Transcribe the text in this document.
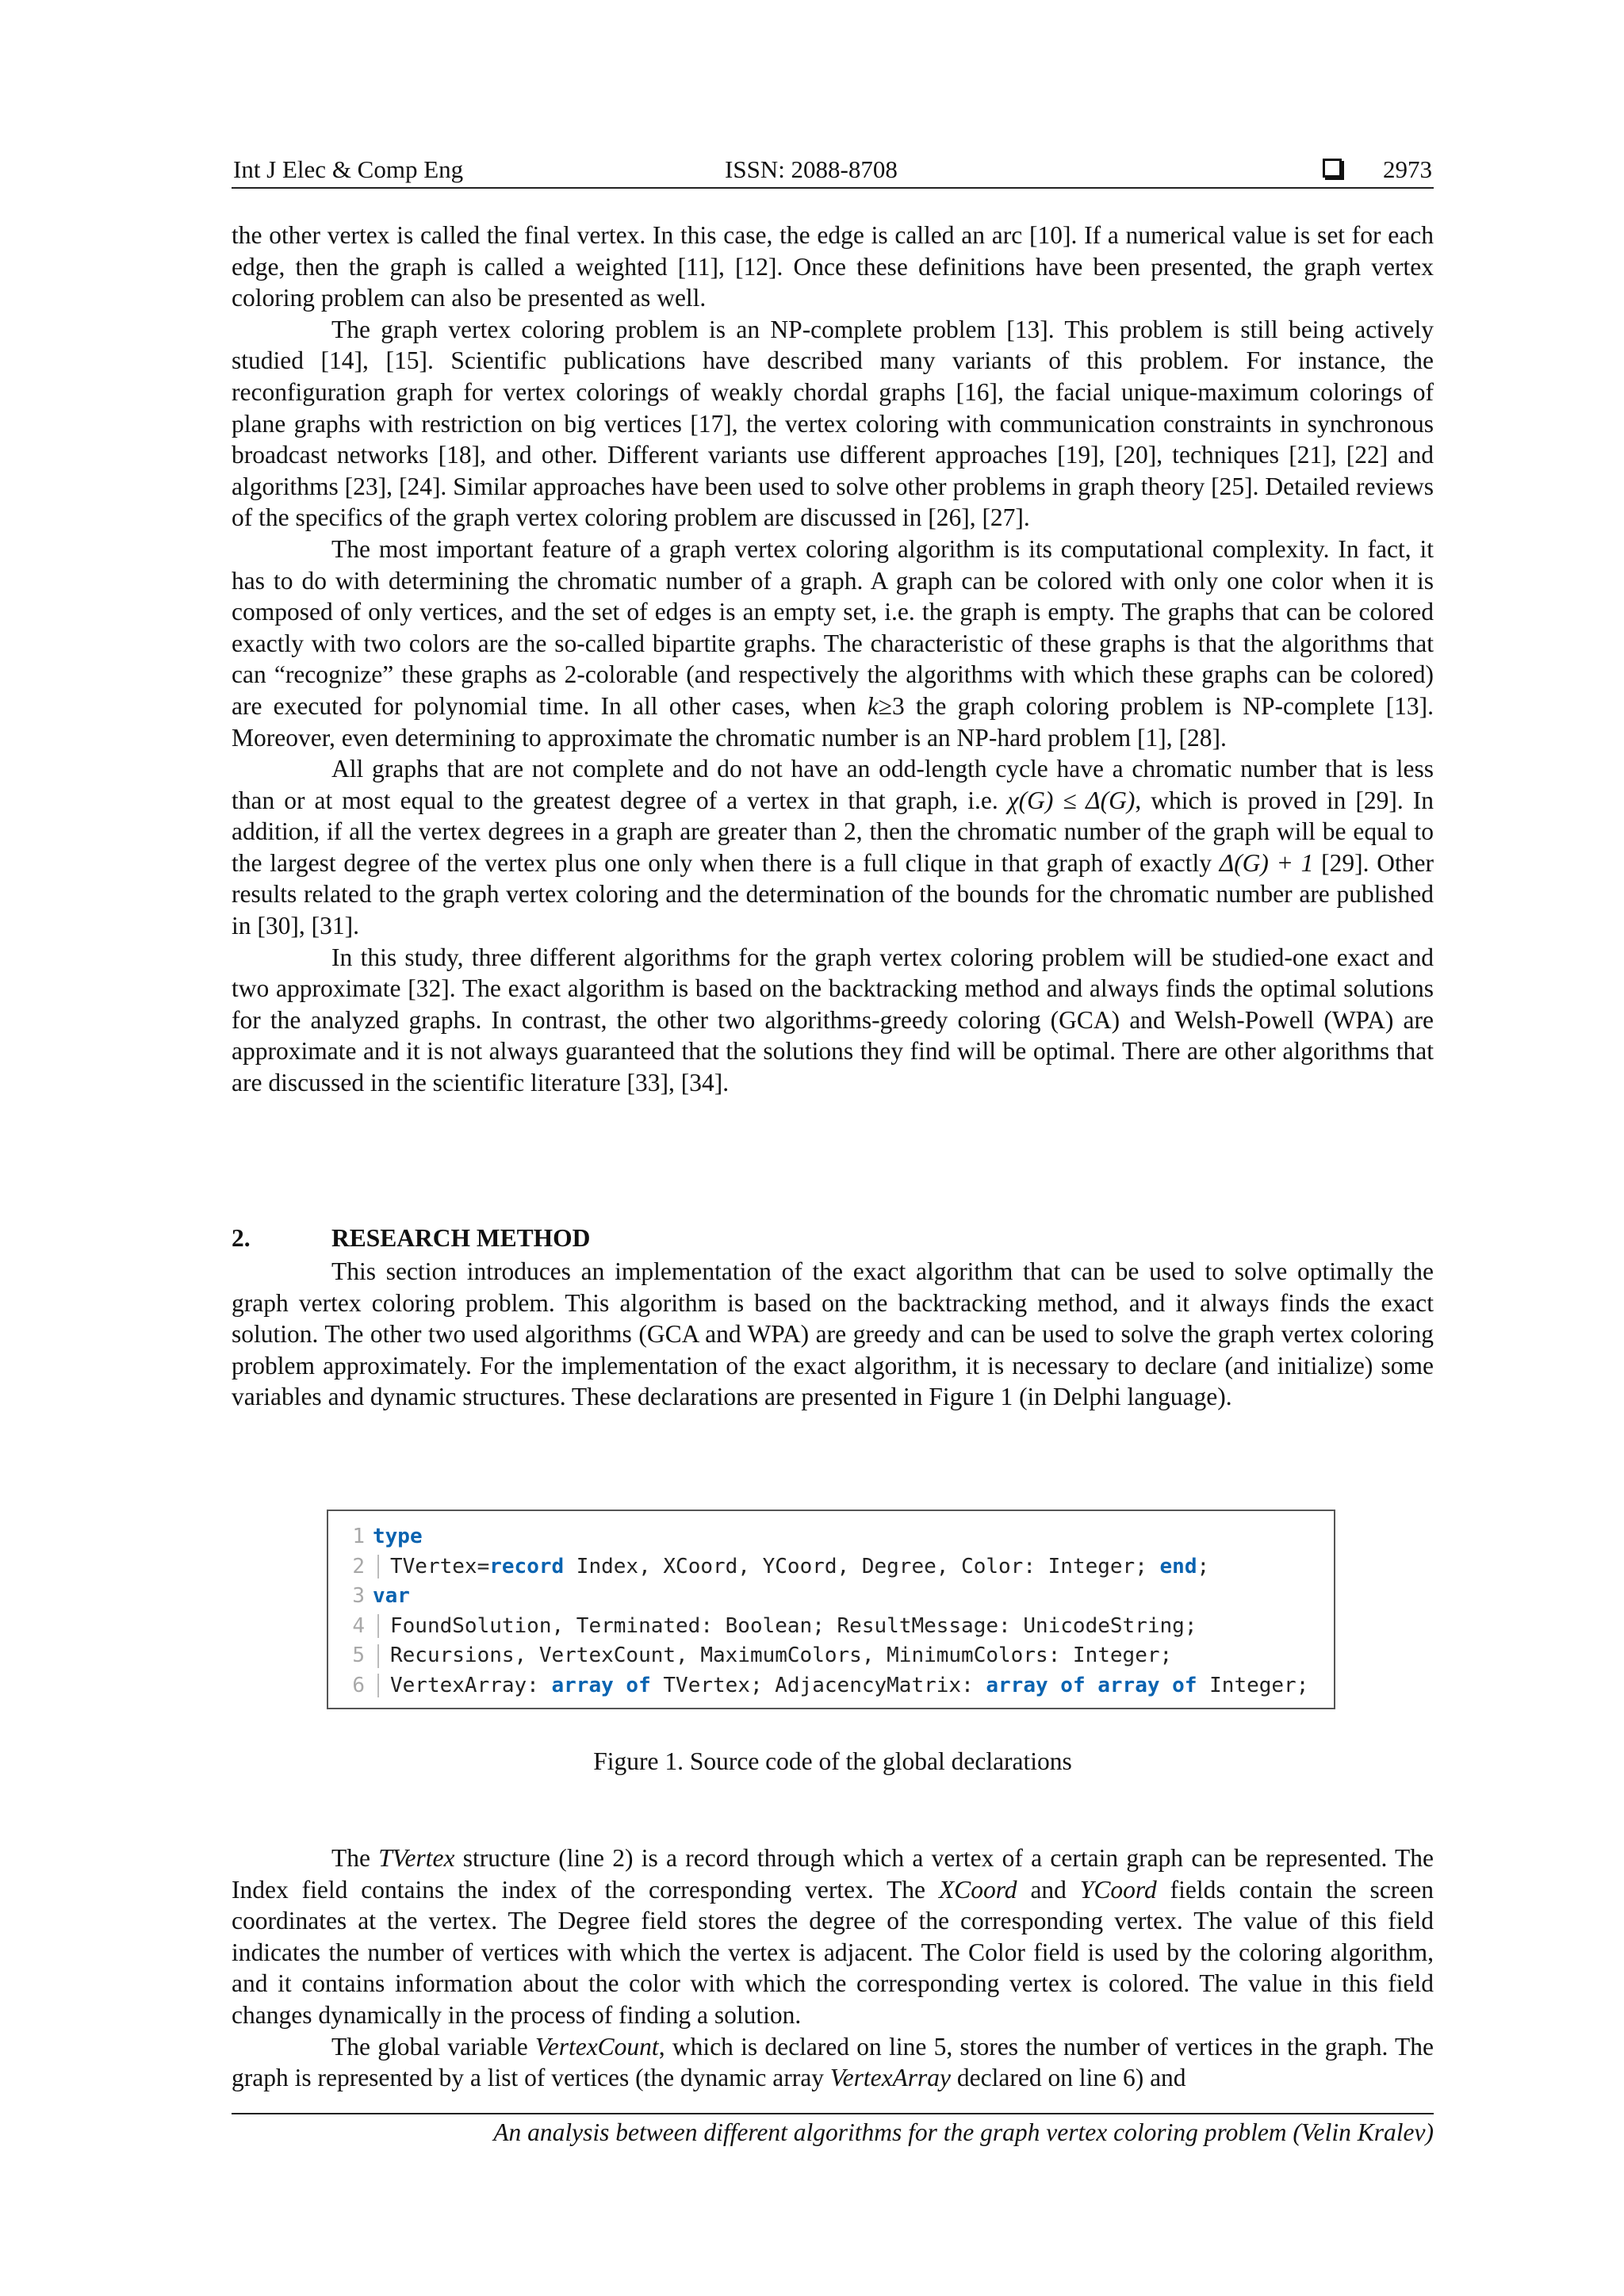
Int J Elec & Comp Eng	ISSN: 2088-8708	2973

the other vertex is called the final vertex. In this case, the edge is called an arc [10]. If a numerical value is set for each edge, then the graph is called a weighted [11], [12]. Once these definitions have been presented, the graph vertex coloring problem can also be presented as well.

The graph vertex coloring problem is an NP-complete problem [13]. This problem is still being actively studied [14], [15]. Scientific publications have described many variants of this problem. For instance, the reconfiguration graph for vertex colorings of weakly chordal graphs [16], the facial unique-maximum colorings of plane graphs with restriction on big vertices [17], the vertex coloring with communication constraints in synchronous broadcast networks [18], and other. Different variants use different approaches [19], [20], techniques [21], [22] and algorithms [23], [24]. Similar approaches have been used to solve other problems in graph theory [25]. Detailed reviews of the specifics of the graph vertex coloring problem are discussed in [26], [27].

The most important feature of a graph vertex coloring algorithm is its computational complexity. In fact, it has to do with determining the chromatic number of a graph. A graph can be colored with only one color when it is composed of only vertices, and the set of edges is an empty set, i.e. the graph is empty. The graphs that can be colored exactly with two colors are the so-called bipartite graphs. The characteristic of these graphs is that the algorithms that can “recognize” these graphs as 2-colorable (and respectively the algorithms with which these graphs can be colored) are executed for polynomial time. In all other cases, when k≥3 the graph coloring problem is NP-complete [13]. Moreover, even determining to approximate the chromatic number is an NP-hard problem [1], [28].

All graphs that are not complete and do not have an odd-length cycle have a chromatic number that is less than or at most equal to the greatest degree of a vertex in that graph, i.e. χ(G) ≤ Δ(G), which is proved in [29]. In addition, if all the vertex degrees in a graph are greater than 2, then the chromatic number of the graph will be equal to the largest degree of the vertex plus one only when there is a full clique in that graph of exactly Δ(G) + 1 [29]. Other results related to the graph vertex coloring and the determination of the bounds for the chromatic number are published in [30], [31].

In this study, three different algorithms for the graph vertex coloring problem will be studied-one exact and two approximate [32]. The exact algorithm is based on the backtracking method and always finds the optimal solutions for the analyzed graphs. In contrast, the other two algorithms-greedy coloring (GCA) and Welsh-Powell (WPA) are approximate and it is not always guaranteed that the solutions they find will be optimal. There are other algorithms that are discussed in the scientific literature [33], [34].

2.	RESEARCH METHOD

This section introduces an implementation of the exact algorithm that can be used to solve optimally the graph vertex coloring problem. This algorithm is based on the backtracking method, and it always finds the exact solution. The other two used algorithms (GCA and WPA) are greedy and can be used to solve the graph vertex coloring problem approximately. For the implementation of the exact algorithm, it is necessary to declare (and initialize) some variables and dynamic structures. These declarations are presented in Figure 1 (in Delphi language).

1 type
2 TVertex=record Index, XCoord, YCoord, Degree, Color: Integer; end;
3 var
4 FoundSolution, Terminated: Boolean; ResultMessage: UnicodeString;
5 Recursions, VertexCount, MaximumColors, MinimumColors: Integer;
6 VertexArray: array of TVertex; AdjacencyMatrix: array of array of Integer;
Figure 1. Source code of the global declarations

The TVertex structure (line 2) is a record through which a vertex of a certain graph can be represented. The Index field contains the index of the corresponding vertex. The XCoord and YCoord fields contain the screen coordinates at the vertex. The Degree field stores the degree of the corresponding vertex. The value of this field indicates the number of vertices with which the vertex is adjacent. The Color field is used by the coloring algorithm, and it contains information about the color with which the corresponding vertex is colored. The value in this field changes dynamically in the process of finding a solution.

The global variable VertexCount, which is declared on line 5, stores the number of vertices in the graph. The graph is represented by a list of vertices (the dynamic array VertexArray declared on line 6) and

An analysis between different algorithms for the graph vertex coloring problem (Velin Kralev)
